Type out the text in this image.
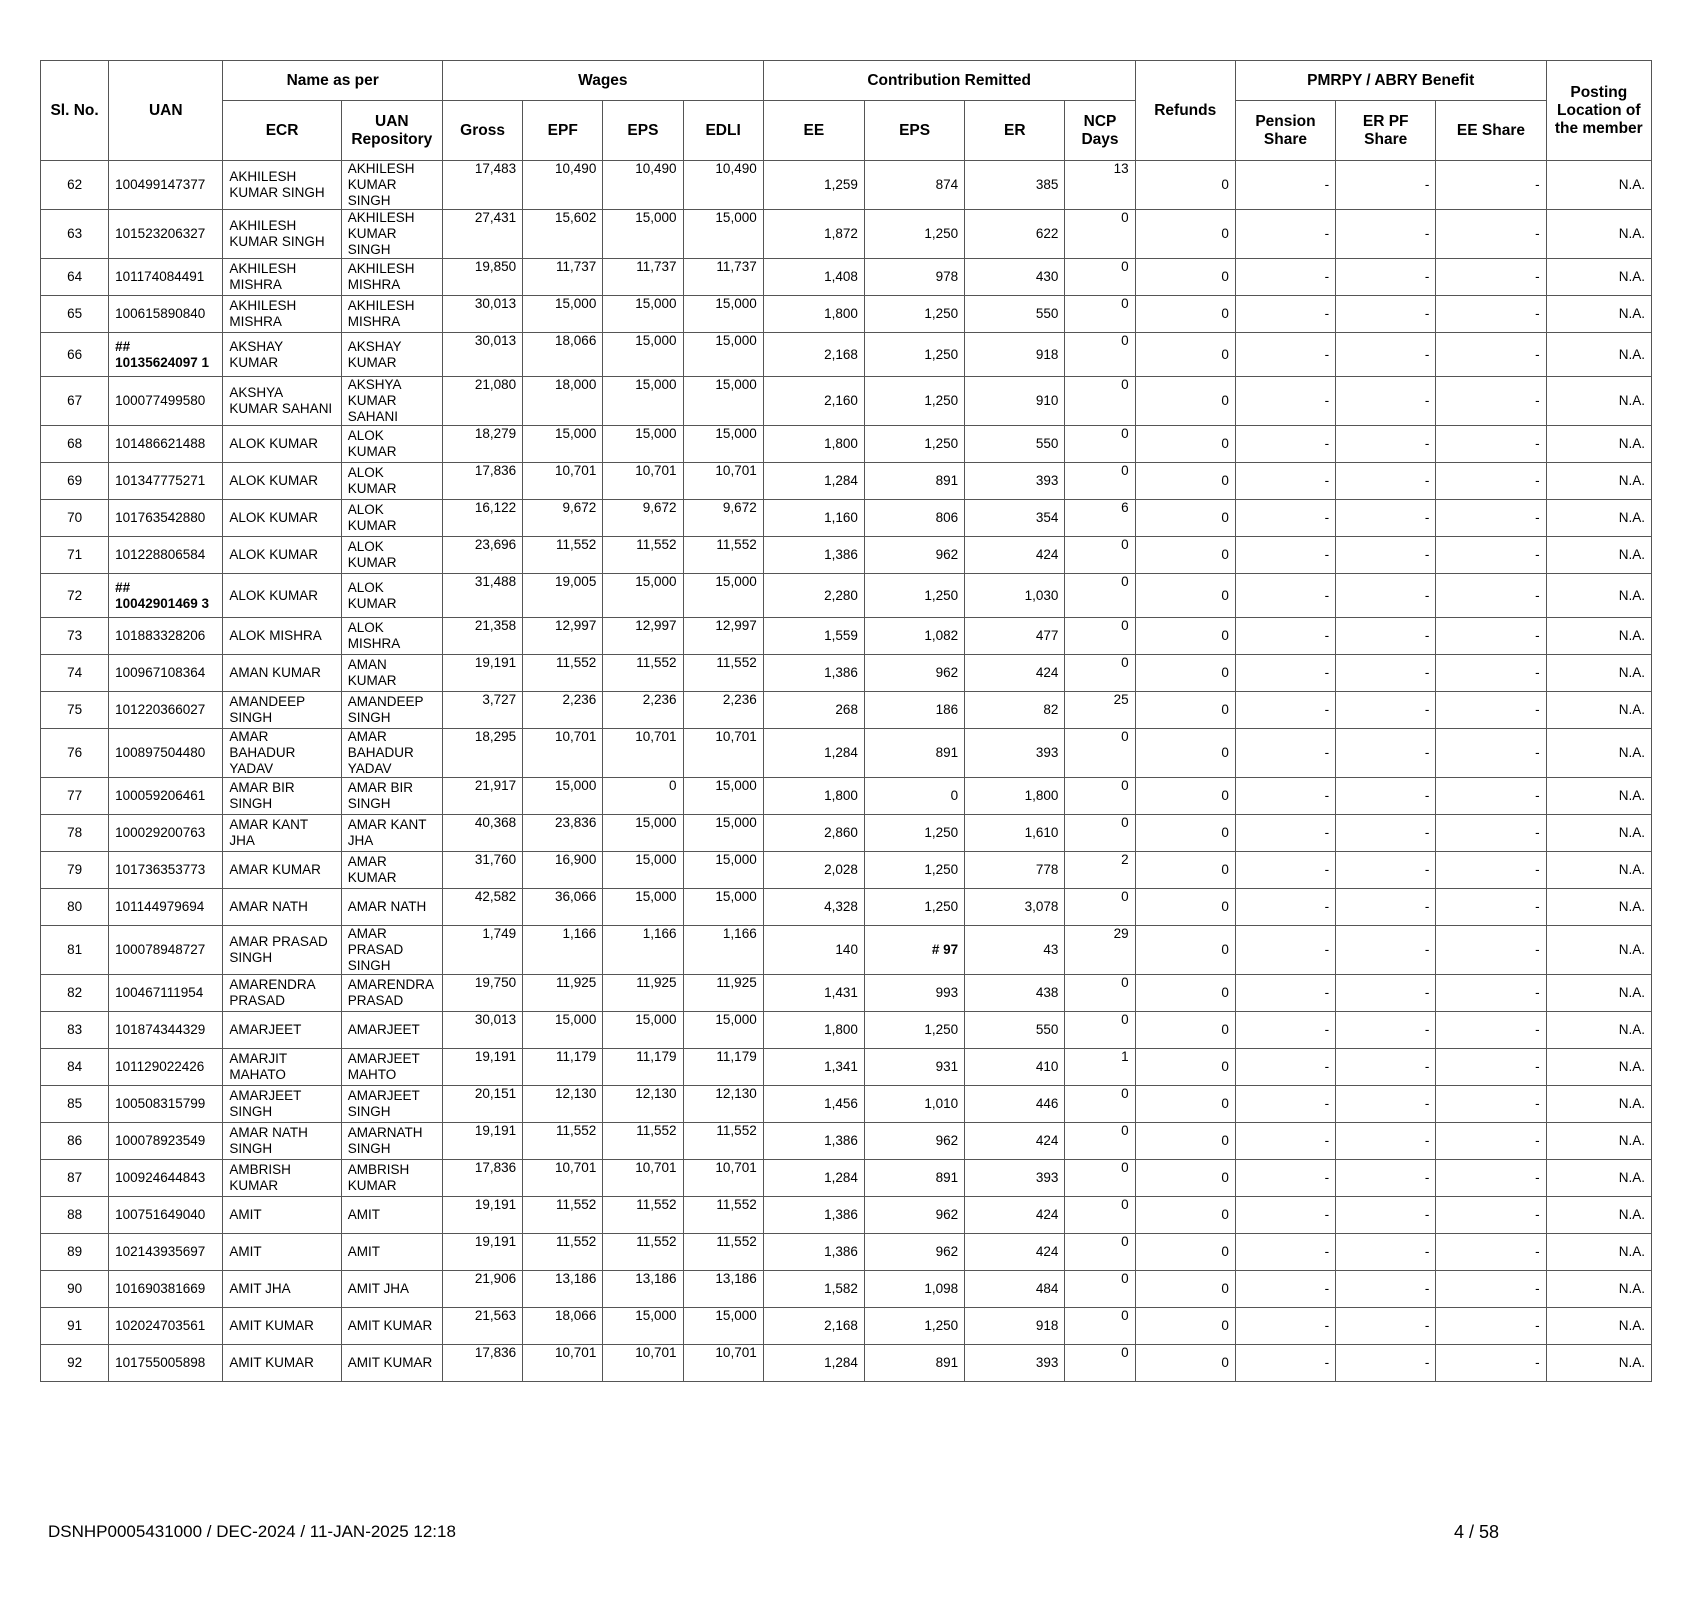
Sl. No.	UAN	Name as per		Wages				Contribution Remitted				Refunds	PMRPY / ABRY Benefit			Posting Location of the member
		ECR	UAN Repository	Gross	EPF	EPS	EDLI	EE	EPS	ER	NCP Days		Pension Share	ER PF Share	EE Share	
62	100499147377	AKHILESH KUMAR SINGH	AKHILESH KUMAR SINGH	17,483	10,490	10,490	10,490	1,259	874	385	13	0	-	-	-	N.A.
63	101523206327	AKHILESH KUMAR SINGH	AKHILESH KUMAR SINGH	27,431	15,602	15,000	15,000	1,872	1,250	622	0	0	-	-	-	N.A.
64	101174084491	AKHILESH MISHRA	AKHILESH MISHRA	19,850	11,737	11,737	11,737	1,408	978	430	0	0	-	-	-	N.A.
65	100615890840	AKHILESH MISHRA	AKHILESH MISHRA	30,013	15,000	15,000	15,000	1,800	1,250	550	0	0	-	-	-	N.A.
66	## 10135624097 1	AKSHAY KUMAR	AKSHAY KUMAR	30,013	18,066	15,000	15,000	2,168	1,250	918	0	0	-	-	-	N.A.
67	100077499580	AKSHYA KUMAR SAHANI	AKSHYA KUMAR SAHANI	21,080	18,000	15,000	15,000	2,160	1,250	910	0	0	-	-	-	N.A.
68	101486621488	ALOK KUMAR	ALOK KUMAR	18,279	15,000	15,000	15,000	1,800	1,250	550	0	0	-	-	-	N.A.
69	101347775271	ALOK KUMAR	ALOK KUMAR	17,836	10,701	10,701	10,701	1,284	891	393	0	0	-	-	-	N.A.
70	101763542880	ALOK KUMAR	ALOK KUMAR	16,122	9,672	9,672	9,672	1,160	806	354	6	0	-	-	-	N.A.
71	101228806584	ALOK KUMAR	ALOK KUMAR	23,696	11,552	11,552	11,552	1,386	962	424	0	0	-	-	-	N.A.
72	## 10042901469 3	ALOK KUMAR	ALOK KUMAR	31,488	19,005	15,000	15,000	2,280	1,250	1,030	0	0	-	-	-	N.A.
73	101883328206	ALOK MISHRA	ALOK MISHRA	21,358	12,997	12,997	12,997	1,559	1,082	477	0	0	-	-	-	N.A.
74	100967108364	AMAN KUMAR	AMAN KUMAR	19,191	11,552	11,552	11,552	1,386	962	424	0	0	-	-	-	N.A.
75	101220366027	AMANDEEP SINGH	AMANDEEP SINGH	3,727	2,236	2,236	2,236	268	186	82	25	0	-	-	-	N.A.
76	100897504480	AMAR BAHADUR YADAV	AMAR BAHADUR YADAV	18,295	10,701	10,701	10,701	1,284	891	393	0	0	-	-	-	N.A.
77	100059206461	AMAR BIR SINGH	AMAR BIR SINGH	21,917	15,000	0	15,000	1,800	0	1,800	0	0	-	-	-	N.A.
78	100029200763	AMAR KANT JHA	AMAR KANT JHA	40,368	23,836	15,000	15,000	2,860	1,250	1,610	0	0	-	-	-	N.A.
79	101736353773	AMAR KUMAR	AMAR KUMAR	31,760	16,900	15,000	15,000	2,028	1,250	778	2	0	-	-	-	N.A.
80	101144979694	AMAR NATH	AMAR NATH	42,582	36,066	15,000	15,000	4,328	1,250	3,078	0	0	-	-	-	N.A.
81	100078948727	AMAR PRASAD SINGH	AMAR PRASAD SINGH	1,749	1,166	1,166	1,166	140	# 97	43	29	0	-	-	-	N.A.
82	100467111954	AMARENDRA PRASAD	AMARENDRA PRASAD	19,750	11,925	11,925	11,925	1,431	993	438	0	0	-	-	-	N.A.
83	101874344329	AMARJEET	AMARJEET	30,013	15,000	15,000	15,000	1,800	1,250	550	0	0	-	-	-	N.A.
84	101129022426	AMARJIT MAHATO	AMARJEET MAHTO	19,191	11,179	11,179	11,179	1,341	931	410	1	0	-	-	-	N.A.
85	100508315799	AMARJEET SINGH	AMARJEET SINGH	20,151	12,130	12,130	12,130	1,456	1,010	446	0	0	-	-	-	N.A.
86	100078923549	AMAR NATH SINGH	AMARNATH SINGH	19,191	11,552	11,552	11,552	1,386	962	424	0	0	-	-	-	N.A.
87	100924644843	AMBRISH KUMAR	AMBRISH KUMAR	17,836	10,701	10,701	10,701	1,284	891	393	0	0	-	-	-	N.A.
88	100751649040	AMIT	AMIT	19,191	11,552	11,552	11,552	1,386	962	424	0	0	-	-	-	N.A.
89	102143935697	AMIT	AMIT	19,191	11,552	11,552	11,552	1,386	962	424	0	0	-	-	-	N.A.
90	101690381669	AMIT JHA	AMIT JHA	21,906	13,186	13,186	13,186	1,582	1,098	484	0	0	-	-	-	N.A.
91	102024703561	AMIT KUMAR	AMIT KUMAR	21,563	18,066	15,000	15,000	2,168	1,250	918	0	0	-	-	-	N.A.
92	101755005898	AMIT KUMAR	AMIT KUMAR	17,836	10,701	10,701	10,701	1,284	891	393	0	0	-	-	-	N.A.
DSNHP0005431000 / DEC-2024 / 11-JAN-2025 12:18	4 / 58
